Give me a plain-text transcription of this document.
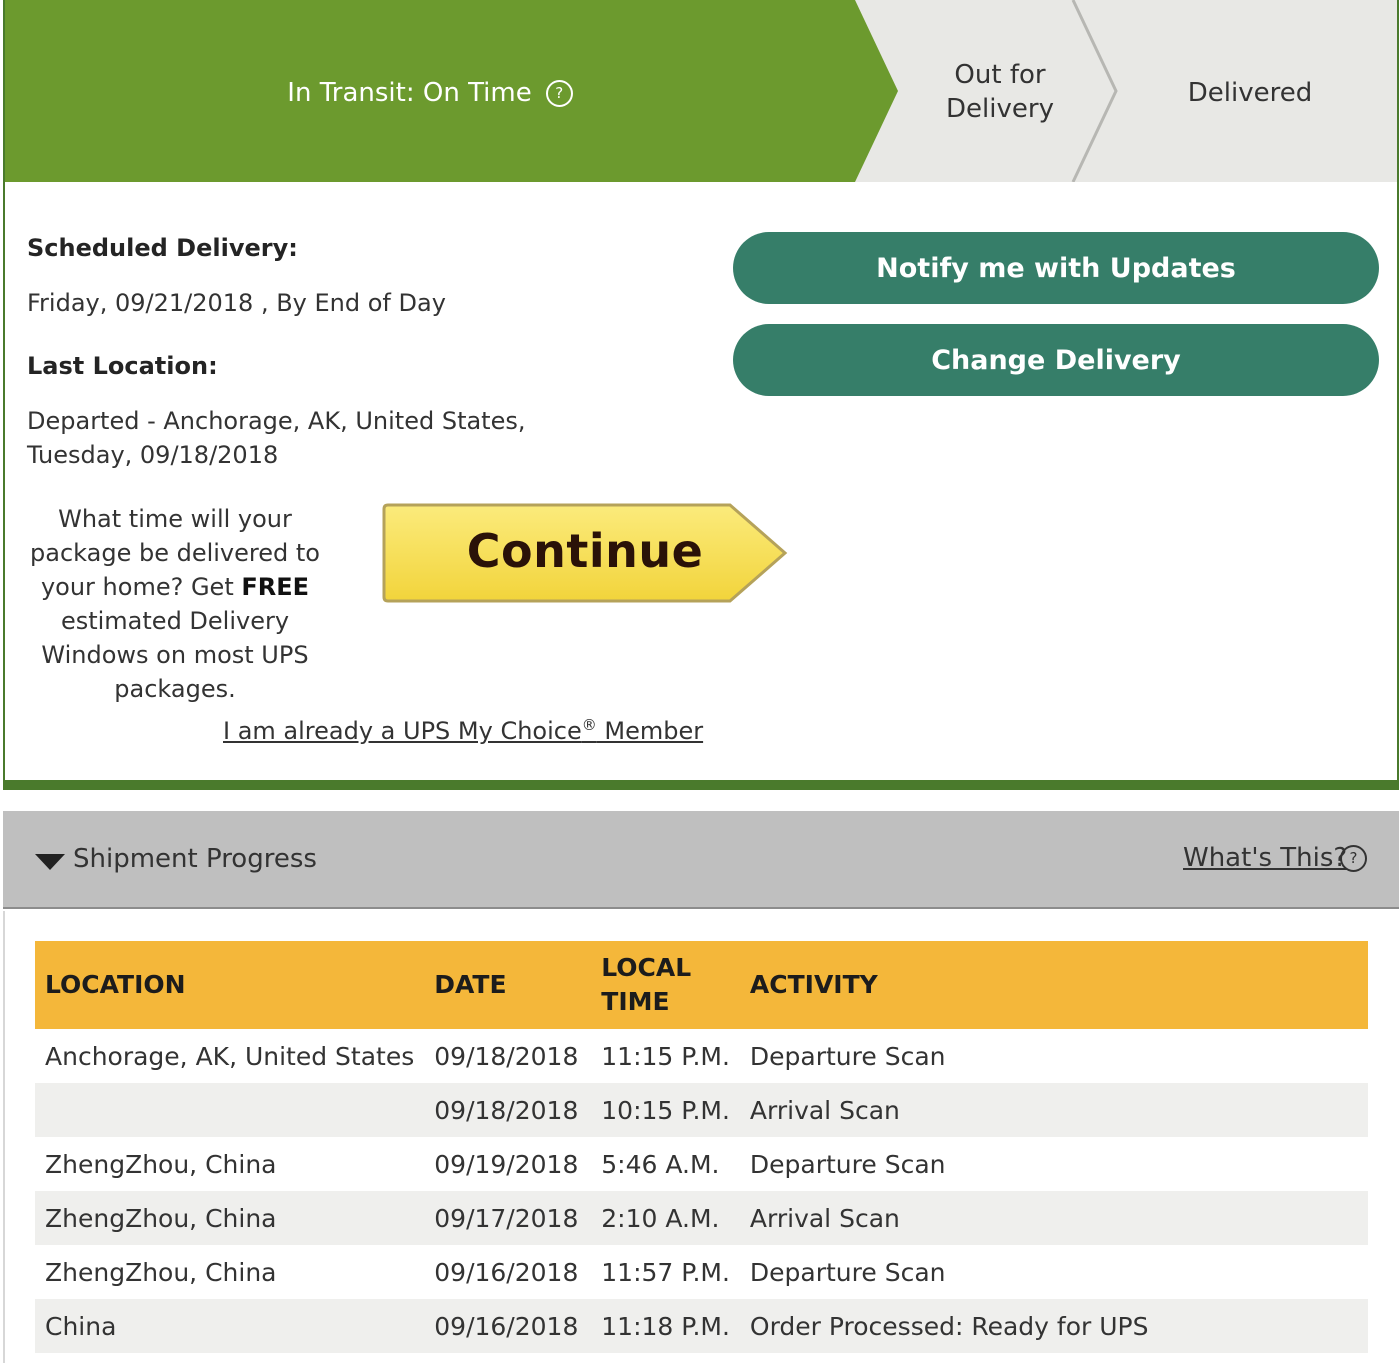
In Transit: On Time	?
Out for Delivery
Delivered
Scheduled Delivery:
Friday, 09/21/2018 , By End of Day
Last Location:
Departed - Anchorage, AK, United States, Tuesday, 09/18/2018
What time will your package be delivered to your home? Get FREE estimated Delivery Windows on most UPS packages.
Continue
I am already a UPS My Choice® Member
Notify me with Updates
Change Delivery
Shipment Progress	What's This? ?
LOCATION	DATE	LOCAL TIME	ACTIVITY
Anchorage, AK, United States	09/18/2018	11:15 P.M.	Departure Scan
	09/18/2018	10:15 P.M.	Arrival Scan
ZhengZhou, China	09/19/2018	5:46 A.M.	Departure Scan
ZhengZhou, China	09/17/2018	2:10 A.M.	Arrival Scan
ZhengZhou, China	09/16/2018	11:57 P.M.	Departure Scan
China	09/16/2018	11:18 P.M.	Order Processed: Ready for UPS
